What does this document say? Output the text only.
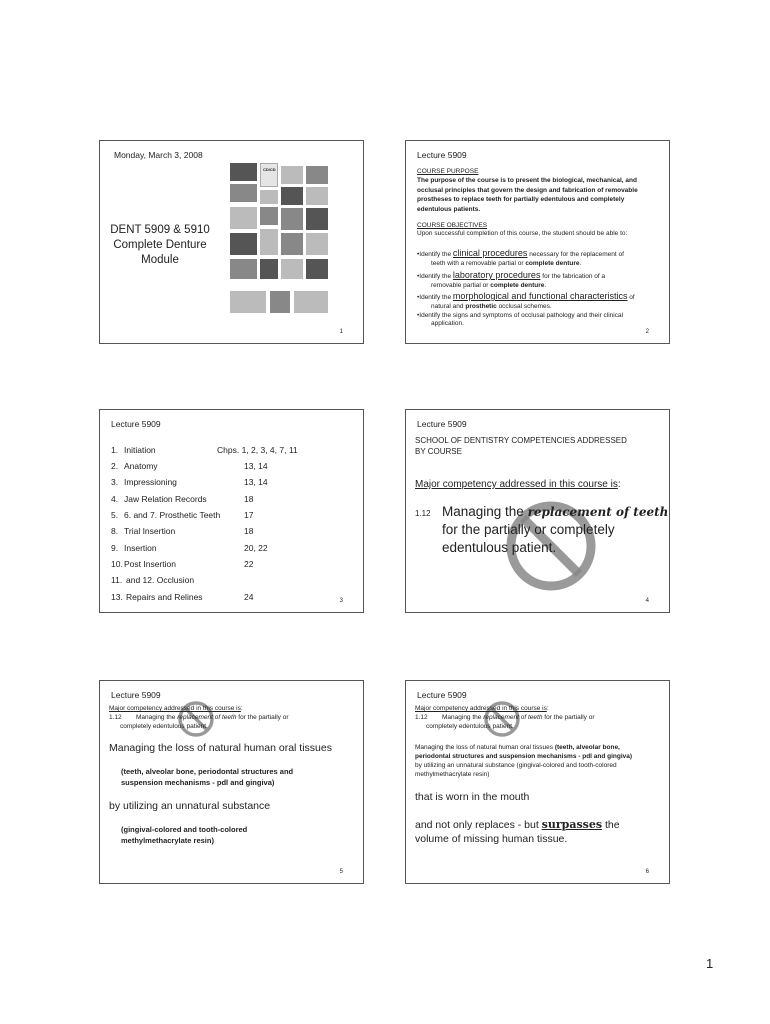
Monday, March 3, 2008
DENT 5909 & 5910
Complete Denture
Module
CD/CD
1
Lecture 5909
COURSE PURPOSE
The purpose of the course is to present the biological, mechanical, and occlusal principles that govern the design and fabrication of removable prostheses to replace teeth for partially edentulous and completely edentulous patients.
COURSE OBJECTIVES
Upon successful completion of this course, the student should be able to:
•Identify the clinical procedures necessary for the replacement of
teeth with a removable partial or complete denture.
•Identify the laboratory procedures for the fabrication of a
removable partial or complete denture.
•Identify the morphological and functional characteristics of
natural and prosthetic occlusal schemes.
•Identify the signs and symptoms of occlusal pathology and their clinical
application.
2
Lecture 5909
1. Initiation	Chps. 1, 2, 3, 4, 7, 11
2. Anatomy	13, 14
3. Impressioning	13, 14
4. Jaw Relation Records	18
5. 6. and 7. Prosthetic Teeth	17
8. Trial Insertion	18
9. Insertion	20, 22
10. Post Insertion	22
11. and 12. Occlusion
13. Repairs and Relines	24	3
Lecture 5909
SCHOOL OF DENTISTRY COMPETENCIES ADDRESSED
BY COURSE
Major competency addressed in this course is:
1.12 Managing the replacement of teeth
for the partially or completely
edentulous patient.
4
Lecture 5909
Major competency addressed in this course is:
1.12 Managing the replacement of teeth for the partially or
completely edentulous patient.
Managing the loss of natural human oral tissues
(teeth, alveolar bone, periodontal structures and
suspension mechanisms - pdl and gingiva)
by utilizing an unnatural substance
(gingival-colored and tooth-colored
methylmethacrylate resin)
5
Lecture 5909
Major competency addressed in this course is:
1.12 Managing the replacement of teeth for the partially or
completely edentulous patient.
Managing the loss of natural human oral tissues (teeth, alveolar bone,
periodontal structures and suspension mechanisms - pdl and gingiva)
by utilizing an unnatural substance (gingival-colored and tooth-colored
methylmethacrylate resin)
that is worn in the mouth
and not only replaces - but surpasses the
volume of missing human tissue.
6
1
